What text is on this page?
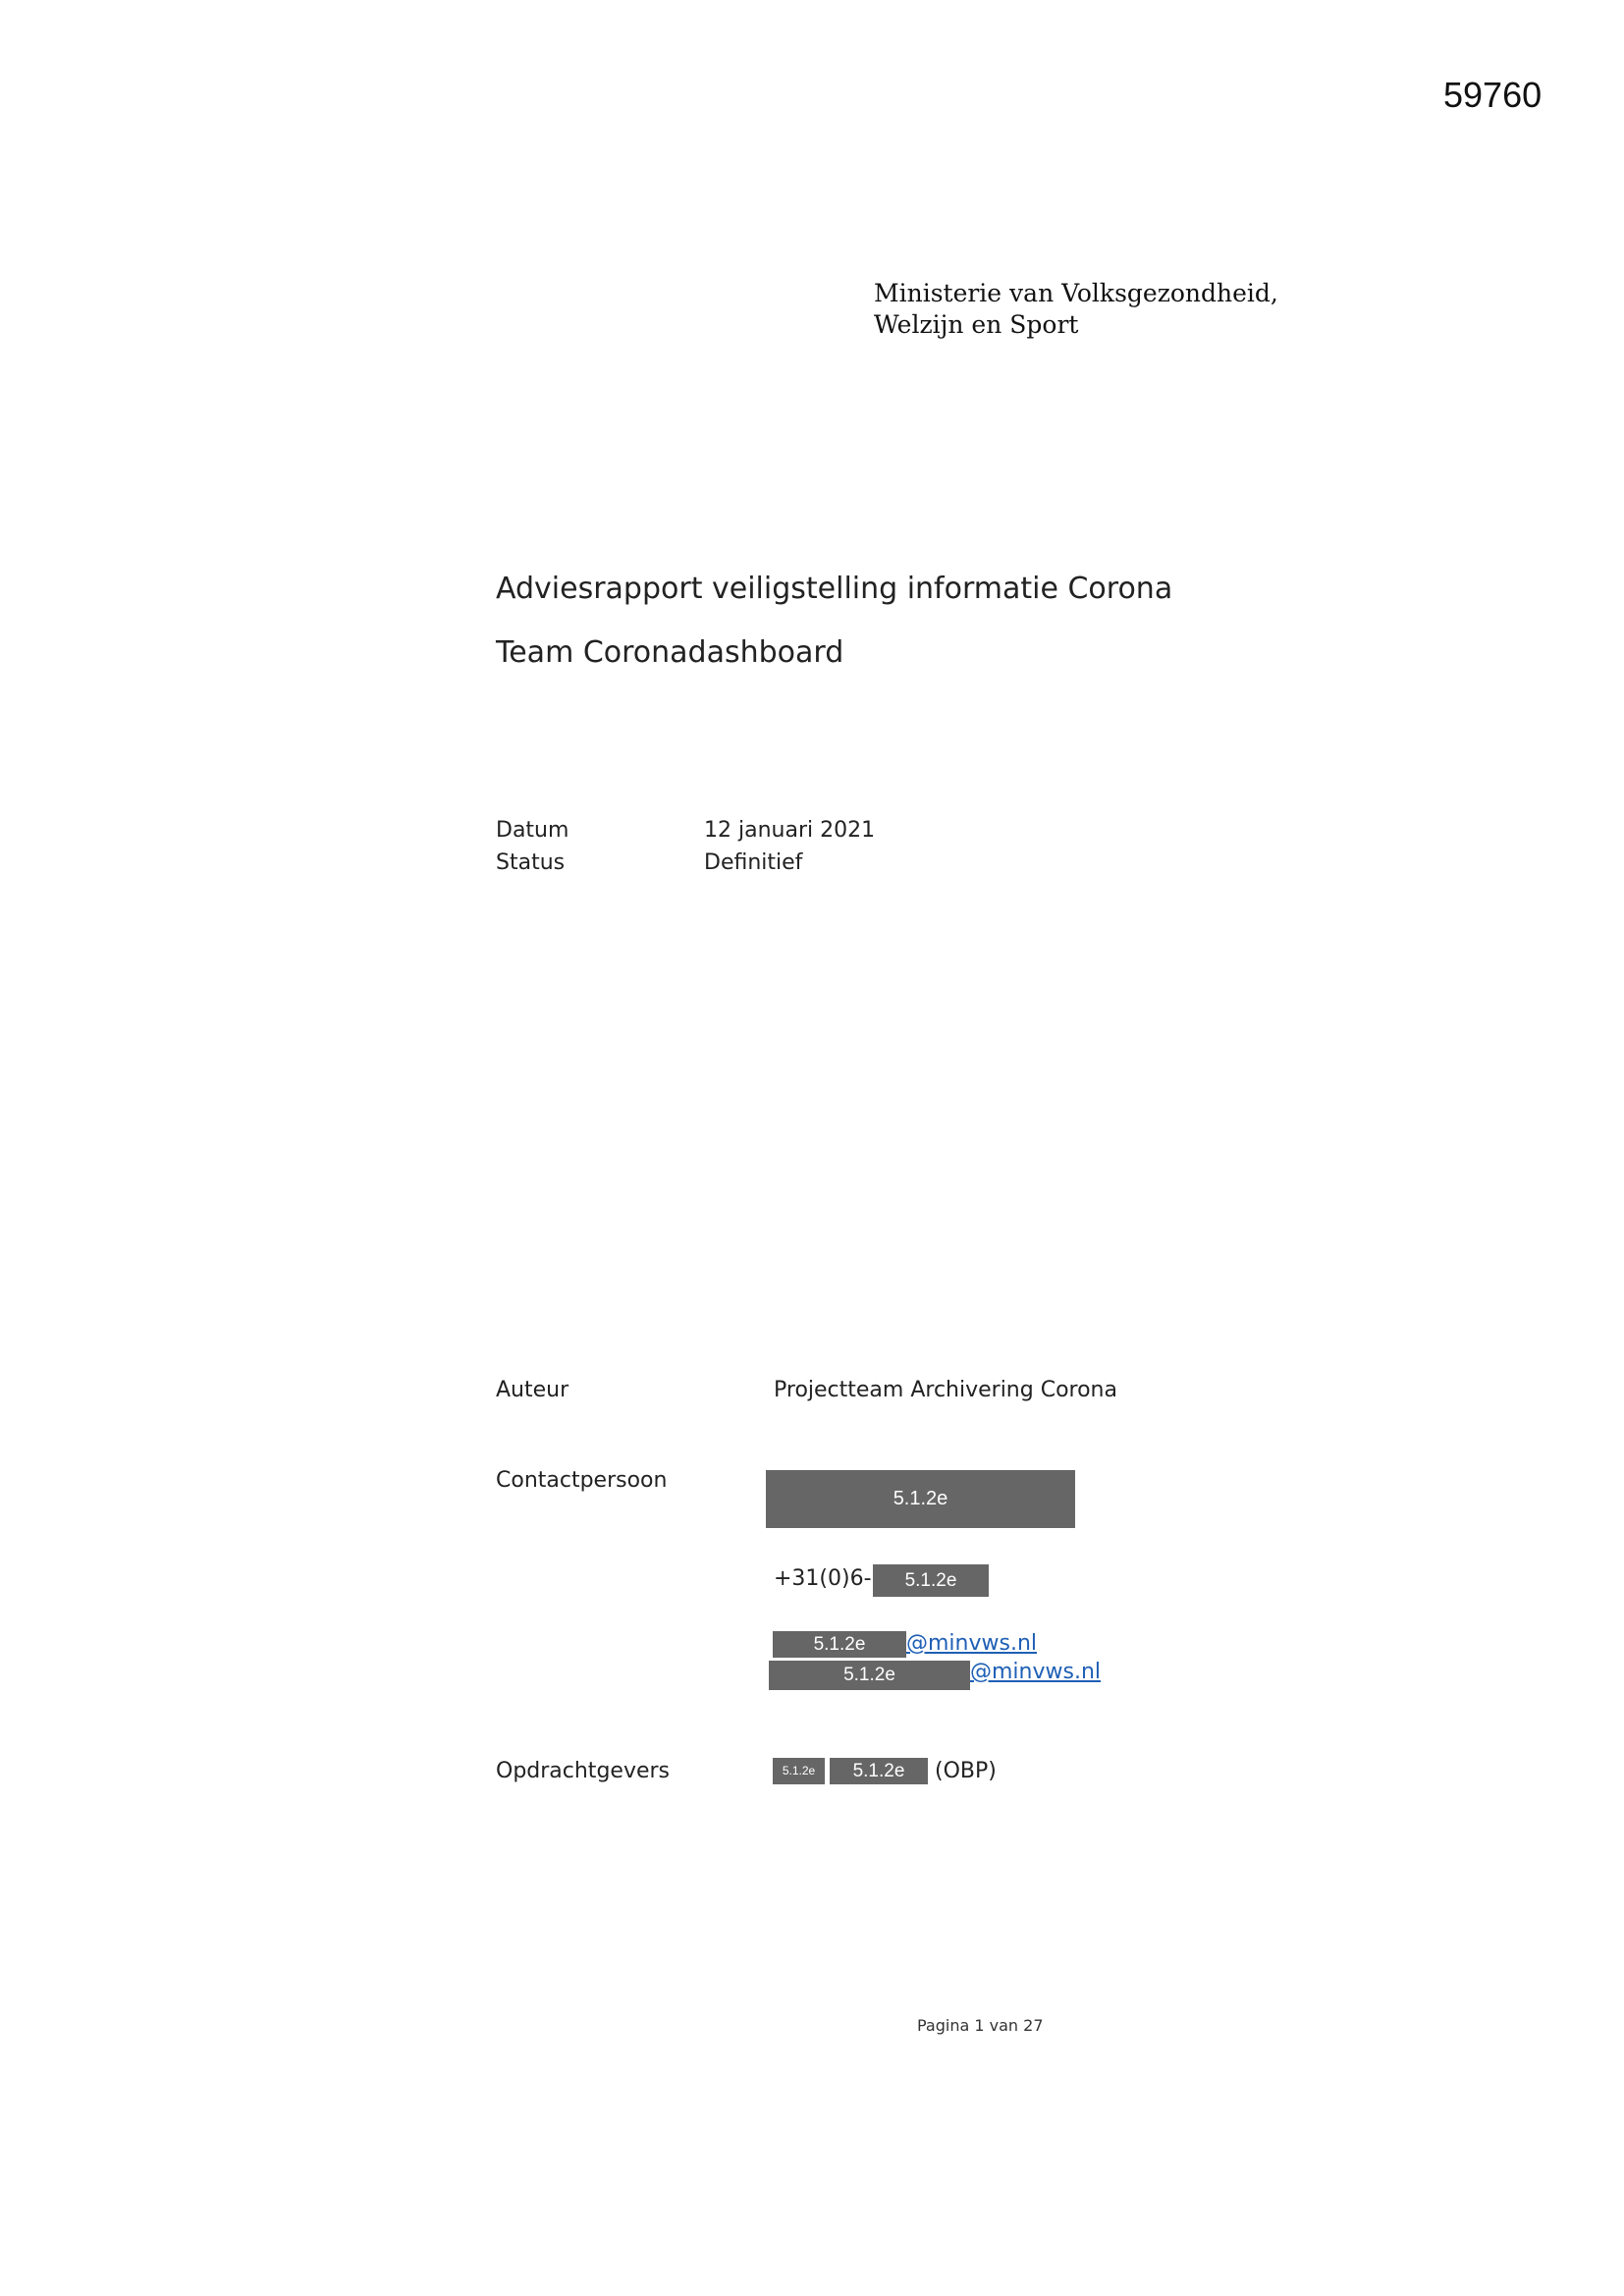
59760
Ministerie van Volksgezondheid,
Welzijn en Sport
Adviesrapport veiligstelling informatie Corona
Team Coronadashboard
Datum	12 januari 2021
Status	Definitief
Auteur	Projectteam Archivering Corona
Contactpersoon
5.1.2e
+31(0)6-	5.1.2e
5.1.2e	@minvws.nl
5.1.2e	@minvws.nl
Opdrachtgevers	5.1.2e	5.1.2e	(OBP)
Pagina 1 van 27
